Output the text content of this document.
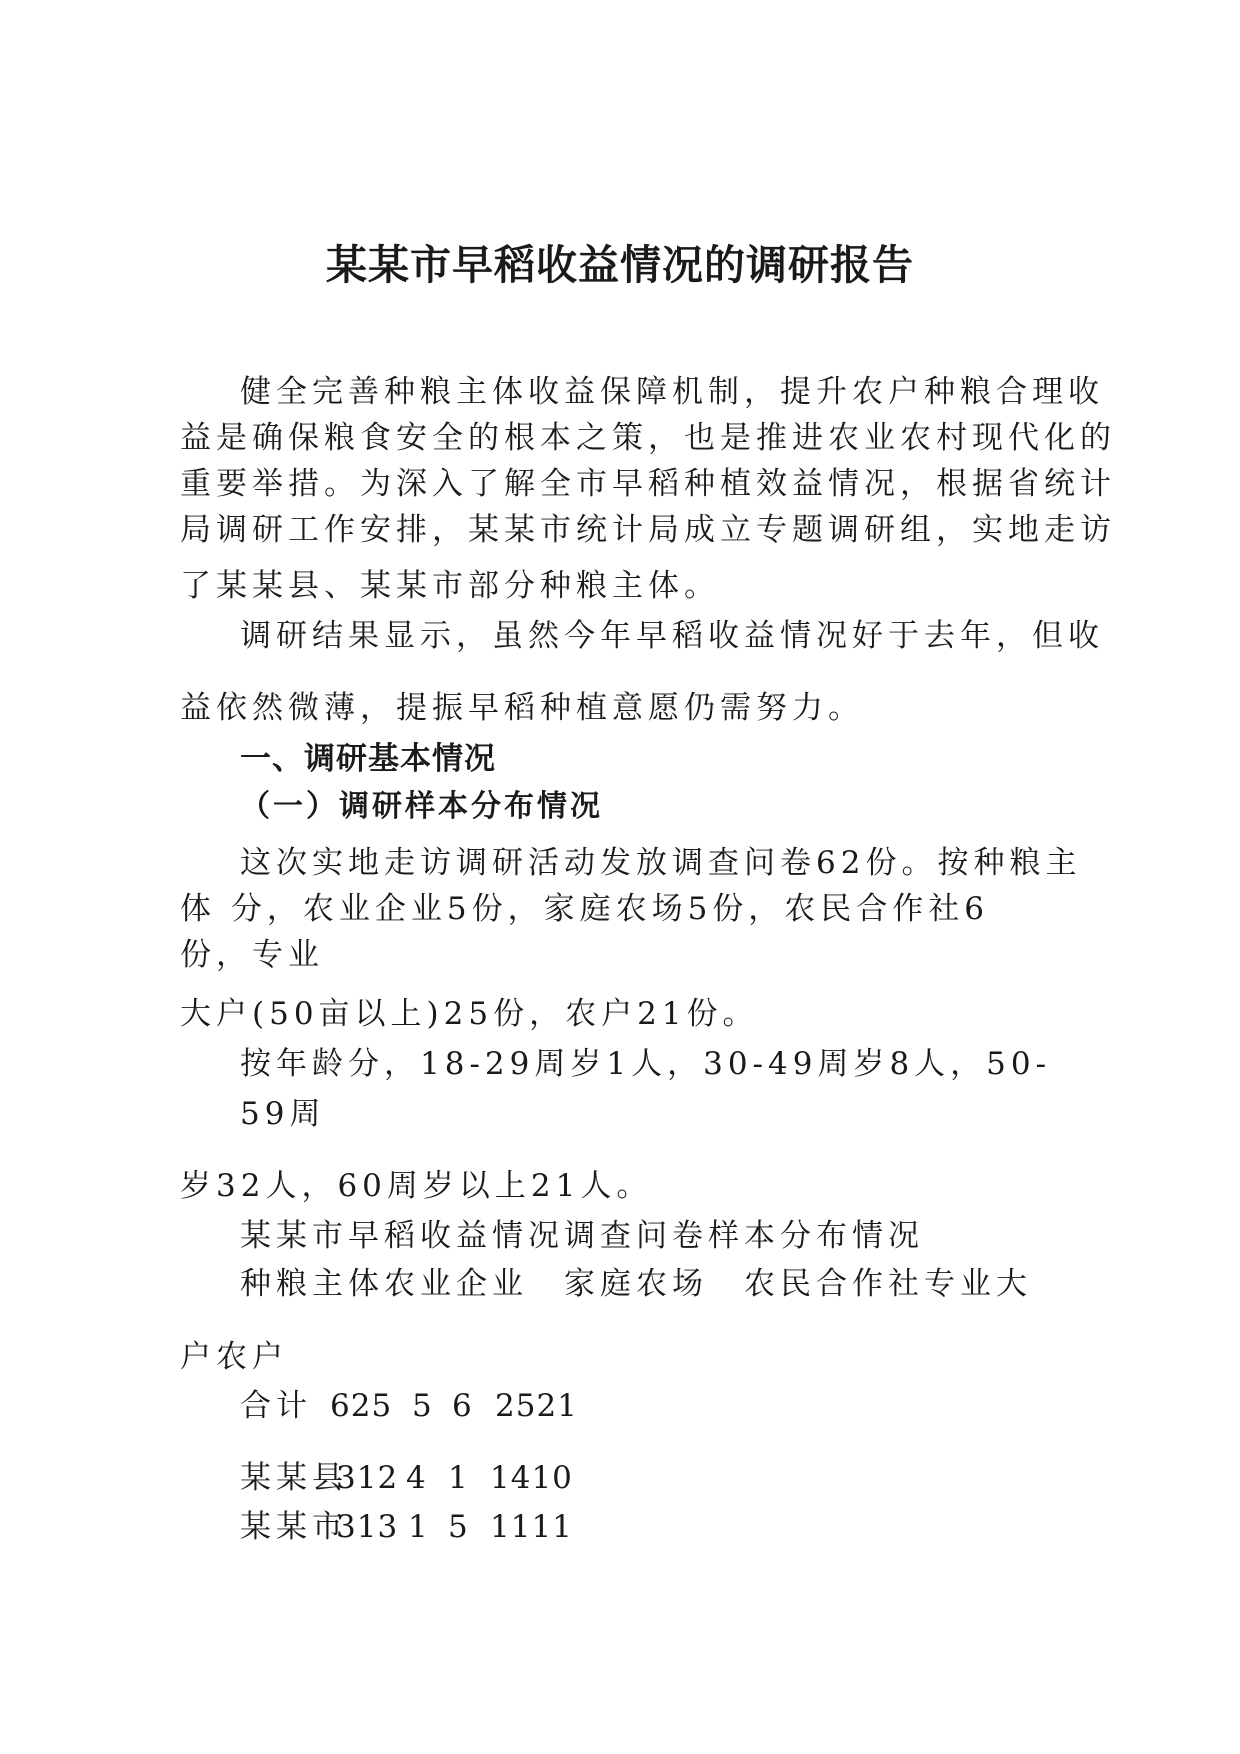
某某市早稻收益情况的调研报告
健全完善种粮主体收益保障机制，提升农户种粮合理收
益是确保粮食安全的根本之策，也是推进农业农村现代化的
重要举措。为深入了解全市早稻种植效益情况，根据省统计
局调研工作安排，某某市统计局成立专题调研组，实地走访
了某某县、某某市部分种粮主体。
调研结果显示，虽然今年早稻收益情况好于去年，但收
益依然微薄，提振早稻种植意愿仍需努力。
一、调研基本情况
（一）调研样本分布情况
这次实地走访调研活动发放调查问卷62份。按种粮主
体 分，农业企业5份，家庭农场5份，农民合作社6
份，专业
大户(50亩以上)25份，农户21份。
按年龄分，18-29周岁1人，30-49周岁8人，50-
59周
岁32人，60周岁以上21人。
某某市早稻收益情况调查问卷样本分布情况
种粮主体农业企业　家庭农场　农民合作社专业大
户农户
合计 625 5 6 2521
某某县
312 4 1 1410
某某市
313 1 5 1111
